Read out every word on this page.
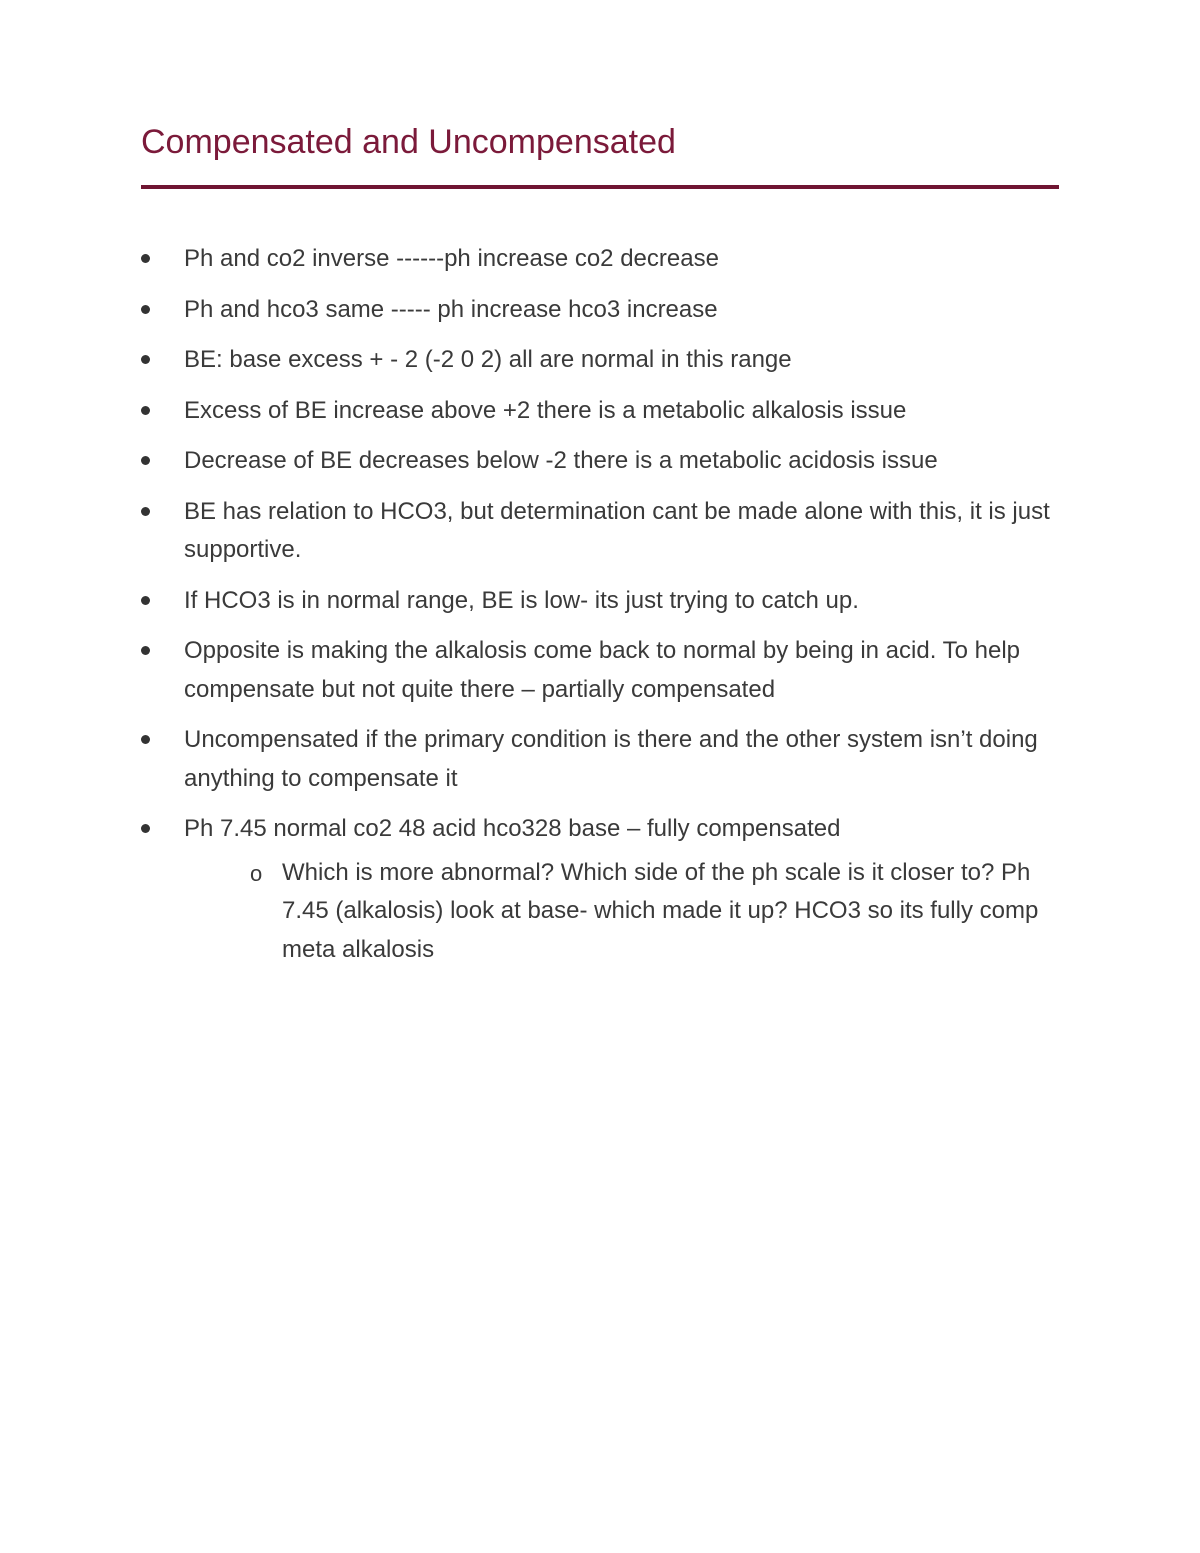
Compensated and Uncompensated
Ph and co2 inverse ------ph increase co2 decrease
Ph and hco3 same ----- ph increase hco3 increase
BE: base excess + - 2 (-2 0 2) all are normal in this range
Excess of BE increase above +2 there is a metabolic alkalosis issue
Decrease of BE decreases below -2 there is a metabolic acidosis issue
BE has relation to HCO3, but determination cant be made alone with this, it is just supportive.
If HCO3 is in normal range, BE is low- its just trying to catch up.
Opposite is making the alkalosis come back to normal by being in acid. To help compensate but not quite there – partially compensated
Uncompensated if the primary condition is there and the other system isn’t doing anything to compensate it
Ph 7.45 normal co2 48 acid hco328 base – fully compensated
o Which is more abnormal? Which side of the ph scale is it closer to? Ph 7.45 (alkalosis) look at base- which made it up? HCO3 so its fully comp meta alkalosis
